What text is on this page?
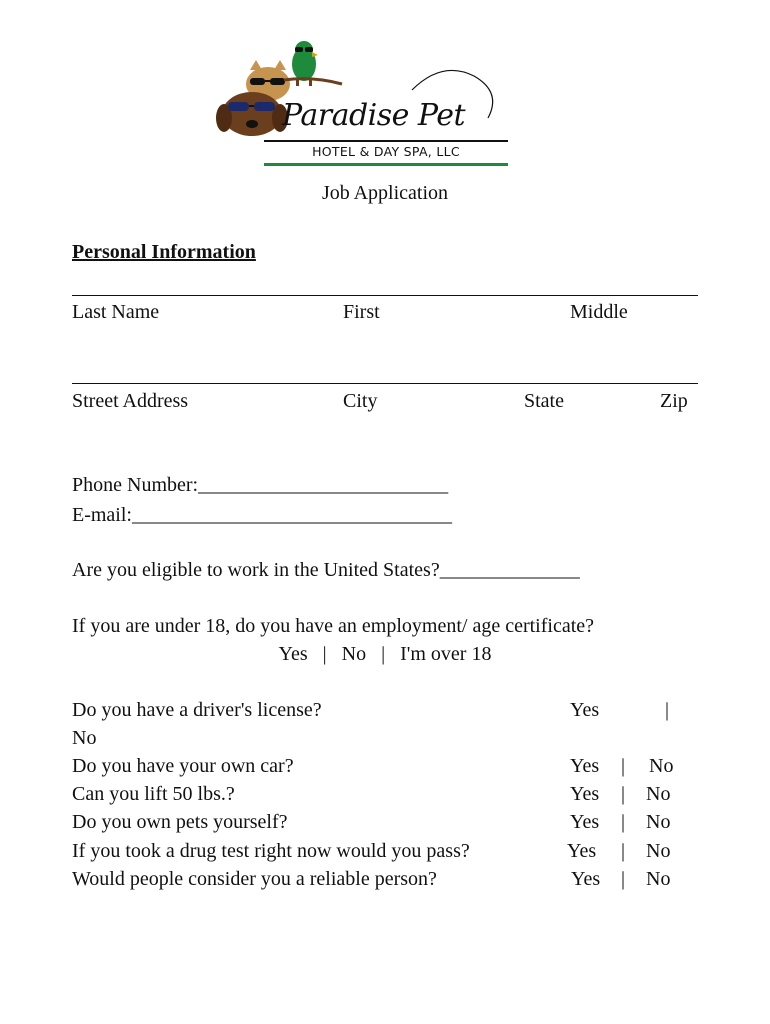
Paradise Pet
HOTEL & DAY SPA, LLC
Job Application
Personal Information
Last Name	First	Middle
Street Address	City	State	Zip
Phone Number:_________________________
E-mail:________________________________
Are you eligible to work in the United States?______________
If you are under 18, do you have an employment/ age certificate?
Yes   |   No   |   I'm over 18
Do you have a driver's license?	Yes	|
No
Do you have your own car?	Yes | No
Can you lift 50 lbs.?	Yes | No
Do you own pets yourself?	Yes | No
If you took a drug test right now would you pass?	Yes | No
Would people consider you a reliable person?	Yes | No
